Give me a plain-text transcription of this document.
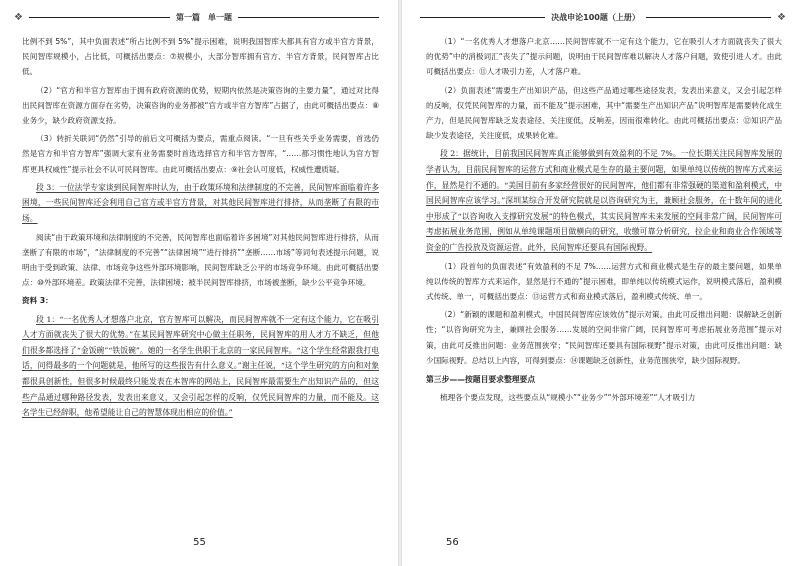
❖	第一篇　单一题

比例不到 5%”，其中负面表述“所占比例不到 5%”提示困难，说明我国智库大都具有官方或半官方背景，民间智库规模小，占比低，可概括出要点：⑦规模小，大部分智库拥有官方、半官方背景，民间智库占比低。

（2）“官方和半官方智库由于拥有政府资源的优势，短期内依然是决策咨询的主要力量”，通过对比得出民间智库在资源方面存在劣势，决策咨询的业务都被“官方或半官方智库”占据了，由此可概括出要点：⑧业务少，缺少政府资源支持。

（3）转折关联词“仍然”引导的前后文可概括为要点，需重点阅读。“一旦有些关乎业务需要，首选仍然是官方和半官方智库”强调大家有业务需要时首选选择官方和半官方智库，“……都习惯性地认为官方智库更具权威性”提示社会不认可民间智库。由此可概括出要点：⑨社会认可度低，权威性遭质疑。

段 3：一位法学专家谈到民间智库时认为，由于政策环境和法律制度的不完善，民间智库面临着许多困境，一些民间智库还会利用自己官方或半官方背景，对其他民间智库进行排挤，从而垄断了有限的市场。

阅读“由于政策环境和法律制度的不完善，民间智库也面临着许多困境”对其他民间智库进行排挤，从而垄断了有限的市场”，“法律制度的不完善”“法律困境”“进行排挤”“垄断……市场”等词句表述提示问题，说明由于受到政策、法律、市场竞争这些外部环境影响，民间智库缺乏公平的市场竞争环境。由此可概括出要点：⑩外部环境差。政策法律不完善，法律困境；被半民间智库排挤，市场被垄断，缺少公平竞争环境。

资料 3：

段 1：“一名优秀人才想落户北京，官方智库可以解决，而民间智库就不一定有这个能力，它在吸引人才方面就丧失了很大的优势。”在某民间智库研究中心做主任职务，民间智库的用人才方不缺乏，但他们很多都选择了“金饭碗”“铁饭碗”。她的一名学生供职于北京的一家民间智库。“这个学生经常跟我打电话，问得最多的一个问题就是，他所写的这些报告有什么意义。”谢主任说，“这个学生研究的方向和对象都很具创新性，但很多时候最终只能发表在本智库的网站上，民间智库最需要生产出知识产品的，但这些产品通过哪种路径发表，发表出来意义，又会引起怎样的反响，仅凭民间智库的力量，而不能及。这名学生已经辞职，他希望能让自己的智慧体现出相应的价值。”

55
决战申论100题（上册）	❖

（1）“一名优秀人才想落户北京……民间智库就不一定有这个能力，它在吸引人才方面就丧失了很大的优势”中的消极词汇“丧失了”提示问题，说明由于民间智库难以解决人才落户问题，致使引进人才。由此可概括出要点：⑪人才吸引力差，人才落户难。

（2）负面表述“需要生产出知识产品，但这些产品通过哪些途径发表，发表出来意义，又会引起怎样的反响，仅凭民间智库的力量，而不能及”提示困难，其中“需要生产出知识产品”说明智库是需要转化成生产力，但是民间智库缺乏发表途径、关注度低，反响差，因而很难转化。由此可概括出要点：⑫知识产品缺少发表途径，关注度低，成果转化难。

段 2：据统计，目前我国民间智库真正能够做到有效盈利的不足 7%。一位长期关注民间智库发展的学者认为，目前民间智库的运营方式和商业模式是生存的最主要问题，如果单纯以传统的智库方式来运作，显然是行不通的。“美国目前有多家经营很好的民间智库，他们都有非常强硬的渠道和盈利模式，中国民间智库应该学习。”深圳某综合开发研究院就是以咨询研究为主，兼顾社会服务，在十数年间的进化中形成了“以咨询收入支撑研究发展”的特色模式，其实民间智库未来发展的空间非常广阔，民间智库可考虑拓展业务范围，例如从单纯课题项目做横向的研究，收缴可靠分析研究，拉企业和商业合作领域等资金的广告投放及资源运营。此外，民间智库还要具有国际视野。

（1）段首句的负面表述“有效盈利的不足 7%……运营方式和商业模式是生存的最主要问题，如果单纯以传统的智库方式来运作，显然是行不通的”提示困难，即单纯以传统模式运作，说明模式落后，盈利模式传统、单一，可概括出要点：⑬运营方式和商业模式落后，盈利模式传统、单一。

（2）“新颖的课题和盈利模式，中国民间智库应该效仿”提示对策。由此可反推出问题：误解缺乏创新性；“以咨询研究为主，兼顾社会服务……发展的空间非常广阔，民间智库可考虑拓展业务范围”提示对策，由此可反推出问题：业务范围狭窄；“民间智库还要具有国际视野”提示对策，由此可反推出问题：缺少国际视野。总结以上内容，可得到要点：⑭课题缺乏创新性，业务范围狭窄，缺少国际视野。

第三步——按题目要求整理要点

梳理各个要点发现，这些要点从“规模小”“业务少”“外部环境差”“人才吸引力

56
